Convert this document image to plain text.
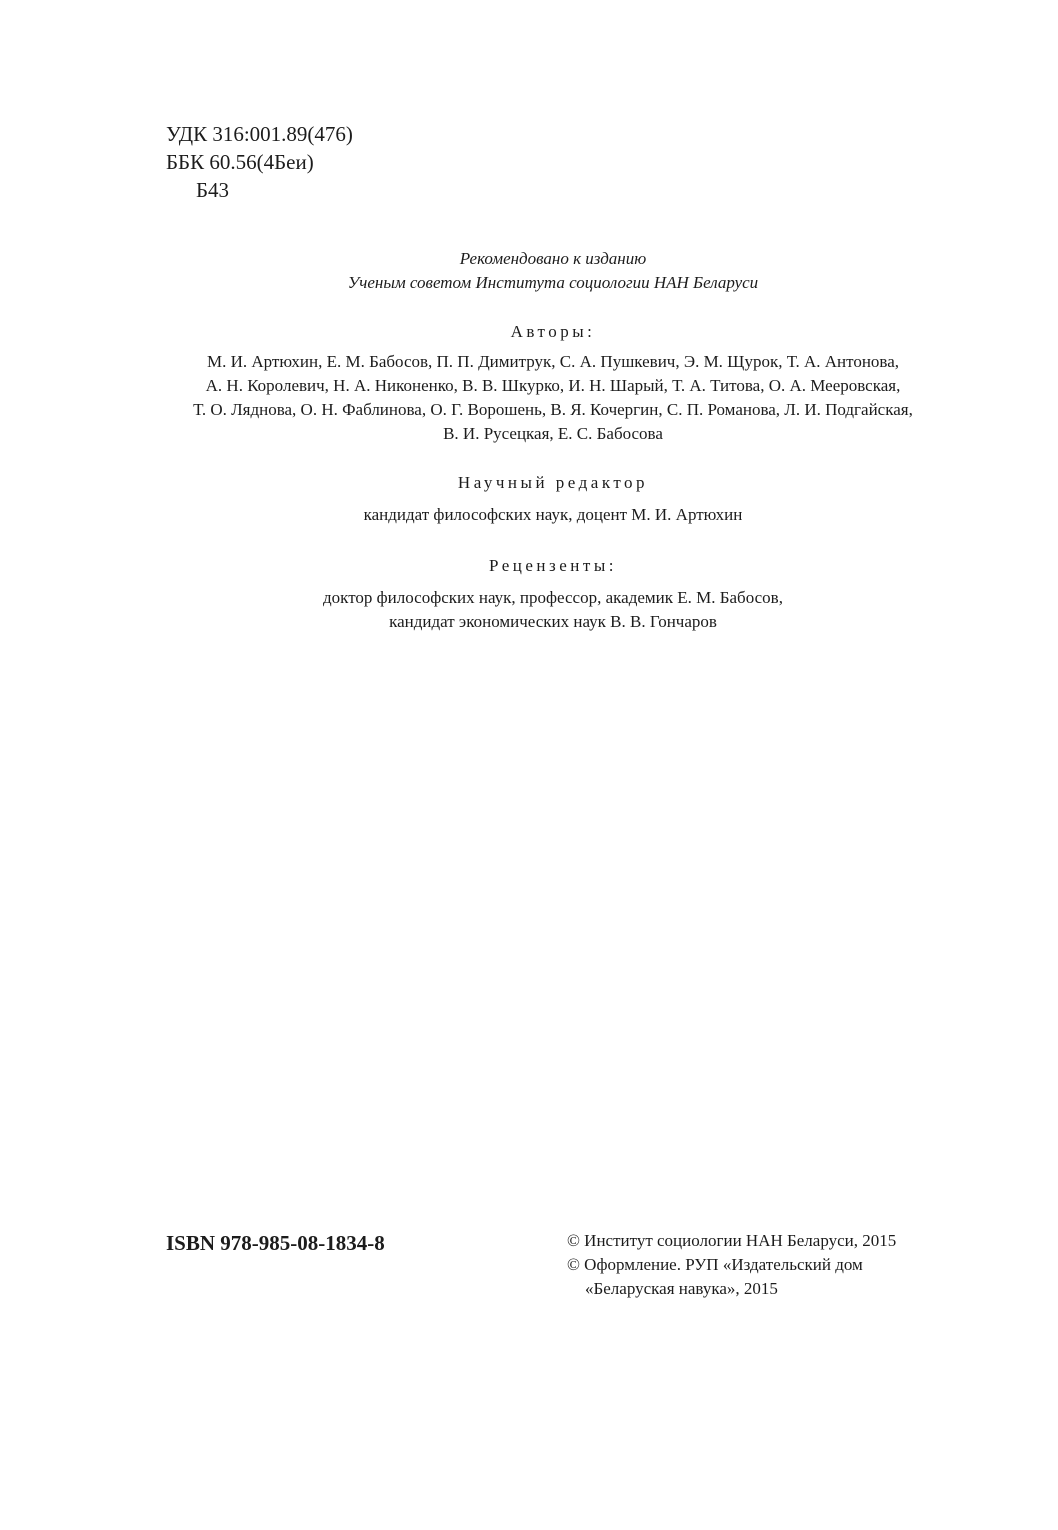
УДК 316:001.89(476)
ББК 60.56(4Беи)
Б43
Рекомендовано к изданию
Ученым советом Института социологии НАН Беларуси
Авторы:
М. И. Артюхин, Е. М. Бабосов, П. П. Димитрук, С. А. Пушкевич, Э. М. Щурок, Т. А. Антонова,
А. Н. Королевич, Н. А. Никоненко, В. В. Шкурко, И. Н. Шарый, Т. А. Титова, О. А. Мееровская,
Т. О. Ляднова, О. Н. Фаблинова, О. Г. Ворошень, В. Я. Кочергин, С. П. Романова, Л. И. Подгайская,
В. И. Русецкая, Е. С. Бабосова
Научный редактор
кандидат философских наук, доцент М. И. Артюхин
Рецензенты:
доктор философских наук, профессор, академик Е. М. Бабосов,
кандидат экономических наук В. В. Гончаров
ISBN 978-985-08-1834-8	© Институт социологии НАН Беларуси, 2015
© Оформление. РУП «Издательский дом
«Беларуская навука», 2015
